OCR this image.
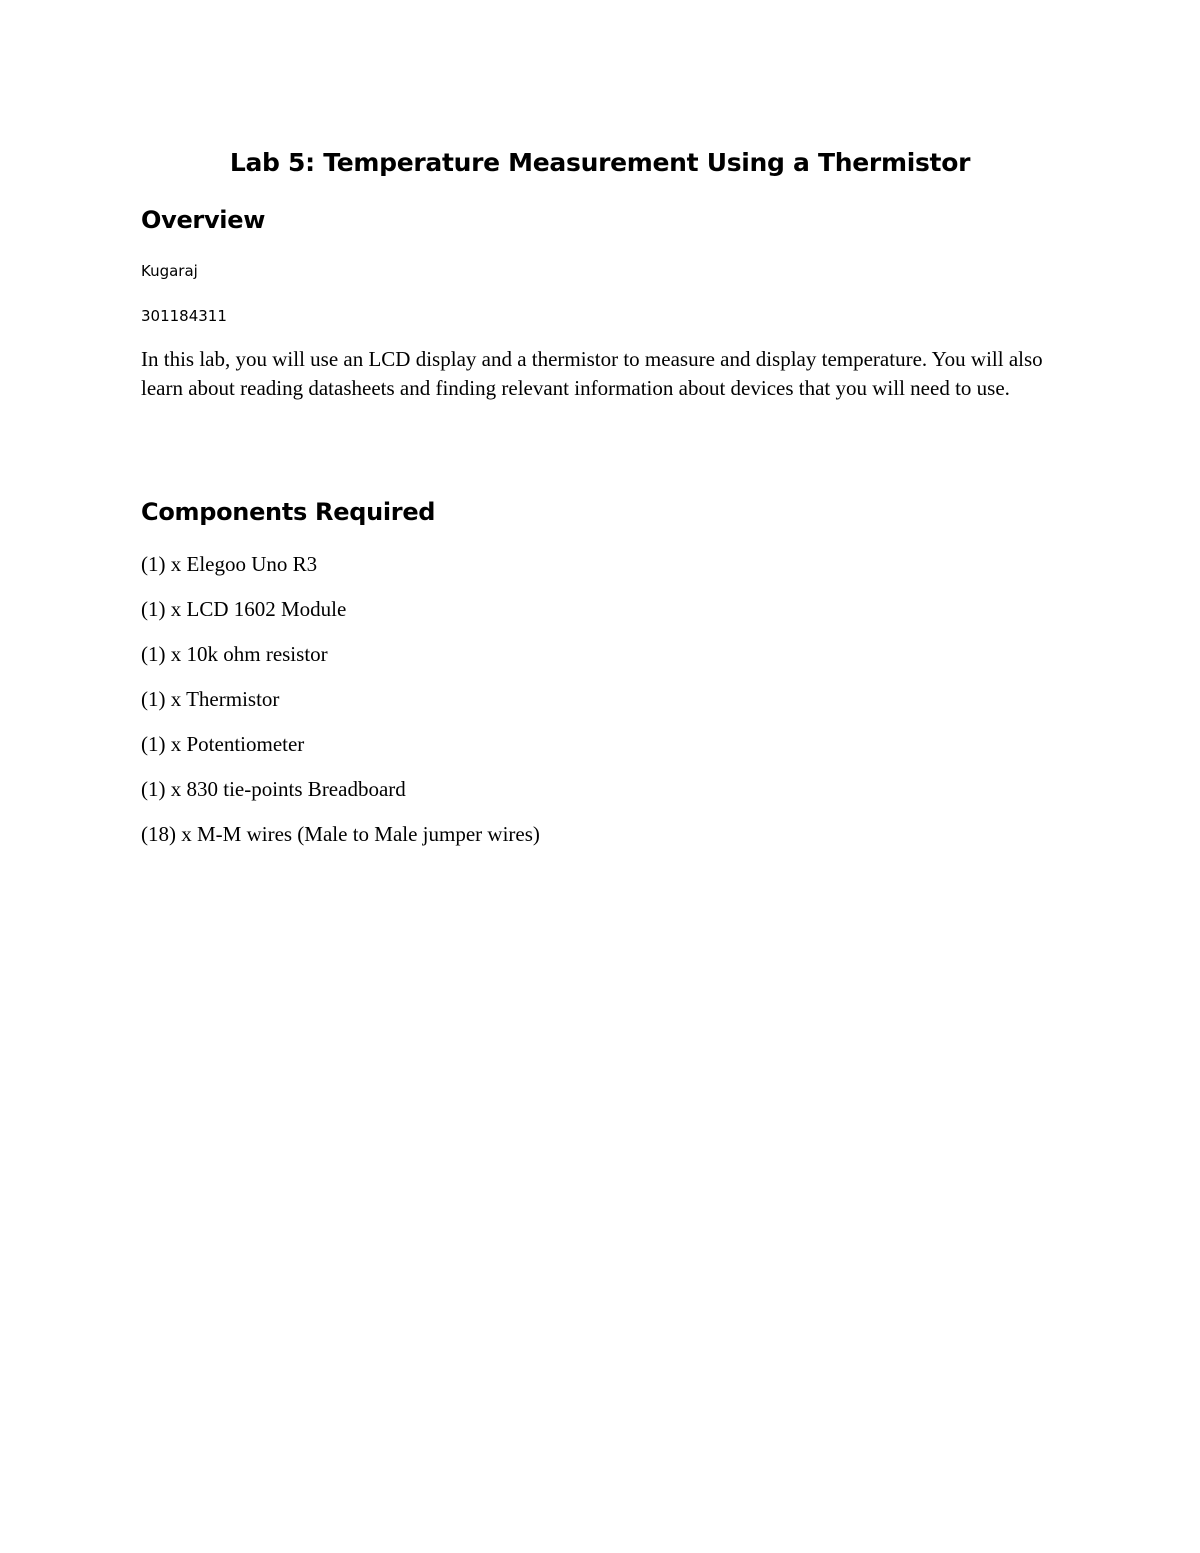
Lab 5: Temperature Measurement Using a Thermistor
Overview
Kugaraj
301184311
In this lab, you will use an LCD display and a thermistor to measure and display temperature. You will also learn about reading datasheets and finding relevant information about devices that you will need to use.
Components Required
(1) x Elegoo Uno R3
(1) x LCD 1602 Module
(1) x 10k ohm resistor
(1) x Thermistor
(1) x Potentiometer
(1) x 830 tie-points Breadboard
(18) x M-M wires (Male to Male jumper wires)
